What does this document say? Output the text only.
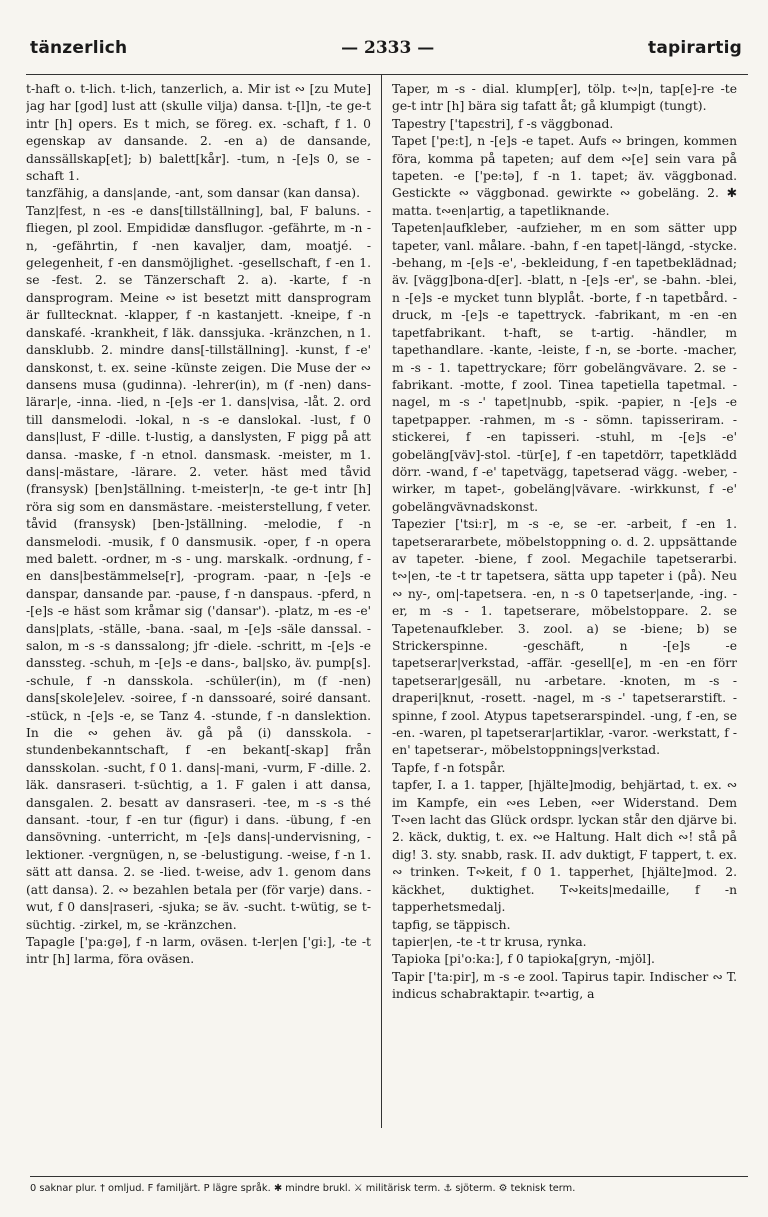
tänzerlich	— 2333 —	tapirartig

t-haft o. t-lich. t-lich, tanzerlich, a. Mir ist ∾ [zu Mute] jag har [god] lust att (skulle vilja) dansa. t-[l]n, -te ge-t intr [h] opers. Es t mich, se föreg. ex. -schaft, f 1. 0 egenskap av dansande. 2. -en a) de dansande, danssällskap[et]; b) balett[kår]. -tum, n -[e]s 0, se -schaft 1.

tanzfähig, a dans|ande, -ant, som dansar (kan dansa).

Tanz|fest, n -es -e dans[tillställning], bal, F baluns. -fliegen, pl zool. Empididæ dansflugor. -gefährte, m -n -n, -gefährtin, f -nen kavaljer, dam, moatjé. -gelegenheit, f -en dansmöjlighet. -gesellschaft, f -en 1. se -fest. 2. se Tänzerschaft 2. a). -karte, f -n dansprogram. Meine ∾ ist besetzt mitt dansprogram är fulltecknat. -klapper, f -n kastanjett. -kneipe, f -n danskafé. -krankheit, f läk. danssjuka. -kränzchen, n 1. dansklubb. 2. mindre dans[-tillställning]. -kunst, f -e' danskonst, t. ex. seine -künste zeigen. Die Muse der ∾ dansens musa (gudinna). -lehrer(in), m (f -nen) dans-lärar|e, -inna. -lied, n -[e]s -er 1. dans|visa, -låt. 2. ord till dansmelodi. -lokal, n -s -e danslokal. -lust, f 0 dans|lust, F -dille. t-lustig, a danslysten, F pigg på att dansa. -maske, f -n etnol. dansmask. -meister, m 1. dans|-mästare, -lärare. 2. veter. häst med tåvid (fransysk) [ben]ställning. t-meister|n, -te ge-t intr [h] röra sig som en dansmästare. -meisterstellung, f veter. tåvid (fransysk) [ben-]ställning. -melodie, f -n dansmelodi. -musik, f 0 dansmusik. -oper, f -n opera med balett. -ordner, m -s - ung. marskalk. -ordnung, f -en dans|bestämmelse[r], -program. -paar, n -[e]s -e danspar, dansande par. -pause, f -n danspaus. -pferd, n -[e]s -e häst som kråmar sig ('dansar'). -platz, m -es -e' dans|plats, -ställe, -bana. -saal, m -[e]s -säle danssal. -salon, m -s -s danssalong; jfr -diele. -schritt, m -[e]s -e danssteg. -schuh, m -[e]s -e dans-, bal|sko, äv. pump[s]. -schule, f -n dansskola. -schüler(in), m (f -nen) dans[skole]elev. -soiree, f -n danssoaré, soiré dansant. -stück, n -[e]s -e, se Tanz 4. -stunde, f -n danslektion. In die ∾ gehen äv. gå på (i) dansskola. -stundenbekanntschaft, f -en bekant[-skap] från dansskolan. -sucht, f 0 1. dans|-mani, -vurm, F -dille. 2. läk. dansraseri. t-süchtig, a 1. F galen i att dansa, dansgalen. 2. besatt av dansraseri. -tee, m -s -s thé dansant. -tour, f -en tur (figur) i dans. -übung, f -en dansövning. -unterricht, m -[e]s dans|-undervisning, -lektioner. -vergnügen, n, se -belustigung. -weise, f -n 1. sätt att dansa. 2. se -lied. t-weise, adv 1. genom dans (att dansa). 2. ∾ bezahlen betala per (för varje) dans. -wut, f 0 dans|raseri, -sjuka; se äv. -sucht. t-wütig, se t-süchtig. -zirkel, m, se -kränzchen.

Tapagle ['pa:ɡə], f -n larm, oväsen. t-ler|en ['ɡi:], -te -t intr [h] larma, föra oväsen.

Taper, m -s - dial. klump[er], tölp. t∾|n, tap[e]-re -te ge-t intr [h] bära sig tafatt åt; gå klumpigt (tungt).

Tapestry ['tapɛstri], f -s väggbonad.

Tapet ['pe:t], n -[e]s -e tapet. Aufs ∾ bringen, kommen föra, komma på tapeten; auf dem ∾[e] sein vara på tapeten. -e ['pe:tə], f -n 1. tapet; äv. väggbonad. Gestickte ∾ väggbonad. gewirkte ∾ gobeläng. 2. ✱ matta. t∾en|artig, a tapetliknande.

Tapeten|aufkleber, -aufzieher, m en som sätter upp tapeter, vanl. målare. -bahn, f -en tapet|-längd, -stycke. -behang, m -[e]s -e', -bekleidung, f -en tapetbeklädnad; äv. [vägg]bona-d[er]. -blatt, n -[e]s -er', se -bahn. -blei, n -[e]s -e mycket tunn blyplåt. -borte, f -n tapetbård. -druck, m -[e]s -e tapettryck. -fabrikant, m -en -en tapetfabrikant. t-haft, se t-artig. -händler, m tapethandlare. -kante, -leiste, f -n, se -borte. -macher, m -s - 1. tapettryckare; förr gobelängvävare. 2. se -fabrikant. -motte, f zool. Tinea tapetiella tapetmal. -nagel, m -s -' tapet|nubb, -spik. -papier, n -[e]s -e tapetpapper. -rahmen, m -s - sömn. tapisseriram. -stickerei, f -en tapisseri. -stuhl, m -[e]s -e' gobeläng[väv]-stol. -tür[e], f -en tapetdörr, tapetklädd dörr. -wand, f -e' tapetvägg, tapetserad vägg. -weber, -wirker, m tapet-, gobeläng|vävare. -wirkkunst, f -e' gobelängvävnadskonst.

Tapezier ['tsi:r], m -s -e, se -er. -arbeit, f -en 1. tapetserararbete, möbelstoppning o. d. 2. uppsättande av tapeter. -biene, f zool. Megachile tapetserarbi. t∾|en, -te -t tr tapetsera, sätta upp tapeter i (på). Neu ∾ ny-, om|-tapetsera. -en, n -s 0 tapetser|ande, -ing. -er, m -s - 1. tapetserare, möbelstoppare. 2. se Tapetenaufkleber. 3. zool. a) se -biene; b) se Strickerspinne. -geschäft, n -[e]s -e tapetserar|verkstad, -affär. -gesell[e], m -en -en förr tapetserar|gesäll, nu -arbetare. -knoten, m -s - draperi|knut, -rosett. -nagel, m -s -' tapetserarstift. -spinne, f zool. Atypus tapetserarspindel. -ung, f -en, se -en. -waren, pl tapetserar|artiklar, -varor. -werkstatt, f -en' tapetserar-, möbelstoppnings|verkstad.

Tapfe, f -n fotspår.

tapfer, I. a 1. tapper, [hjälte]modig, behjärtad, t. ex. ∾ im Kampfe, ein ∾es Leben, ∾er Widerstand. Dem T∾en lacht das Glück ordspr. lyckan står den djärve bi. 2. käck, duktig, t. ex. ∾e Haltung. Halt dich ∾! stå på dig! 3. sty. snabb, rask. II. adv duktigt, F tappert, t. ex. ∾ trinken. T∾keit, f 0 1. tapperhet, [hjälte]mod. 2. käckhet, duktighet. T∾keits|medaille, f -n tapperhetsmedalj.

tapfig, se täppisch.

tapier|en, -te -t tr krusa, rynka.

Tapioka [pi'o:ka:], f 0 tapioka[gryn, -mjöl].

Tapir ['ta:pir], m -s -e zool. Tapirus tapir. Indischer ∾ T. indicus schabraktapir. t∾artig, a

0 saknar plur. † omljud. F familjärt. P lägre språk. ✱ mindre brukl. ⚔ militärisk term. ⚓ sjöterm. ⚙ teknisk term.
